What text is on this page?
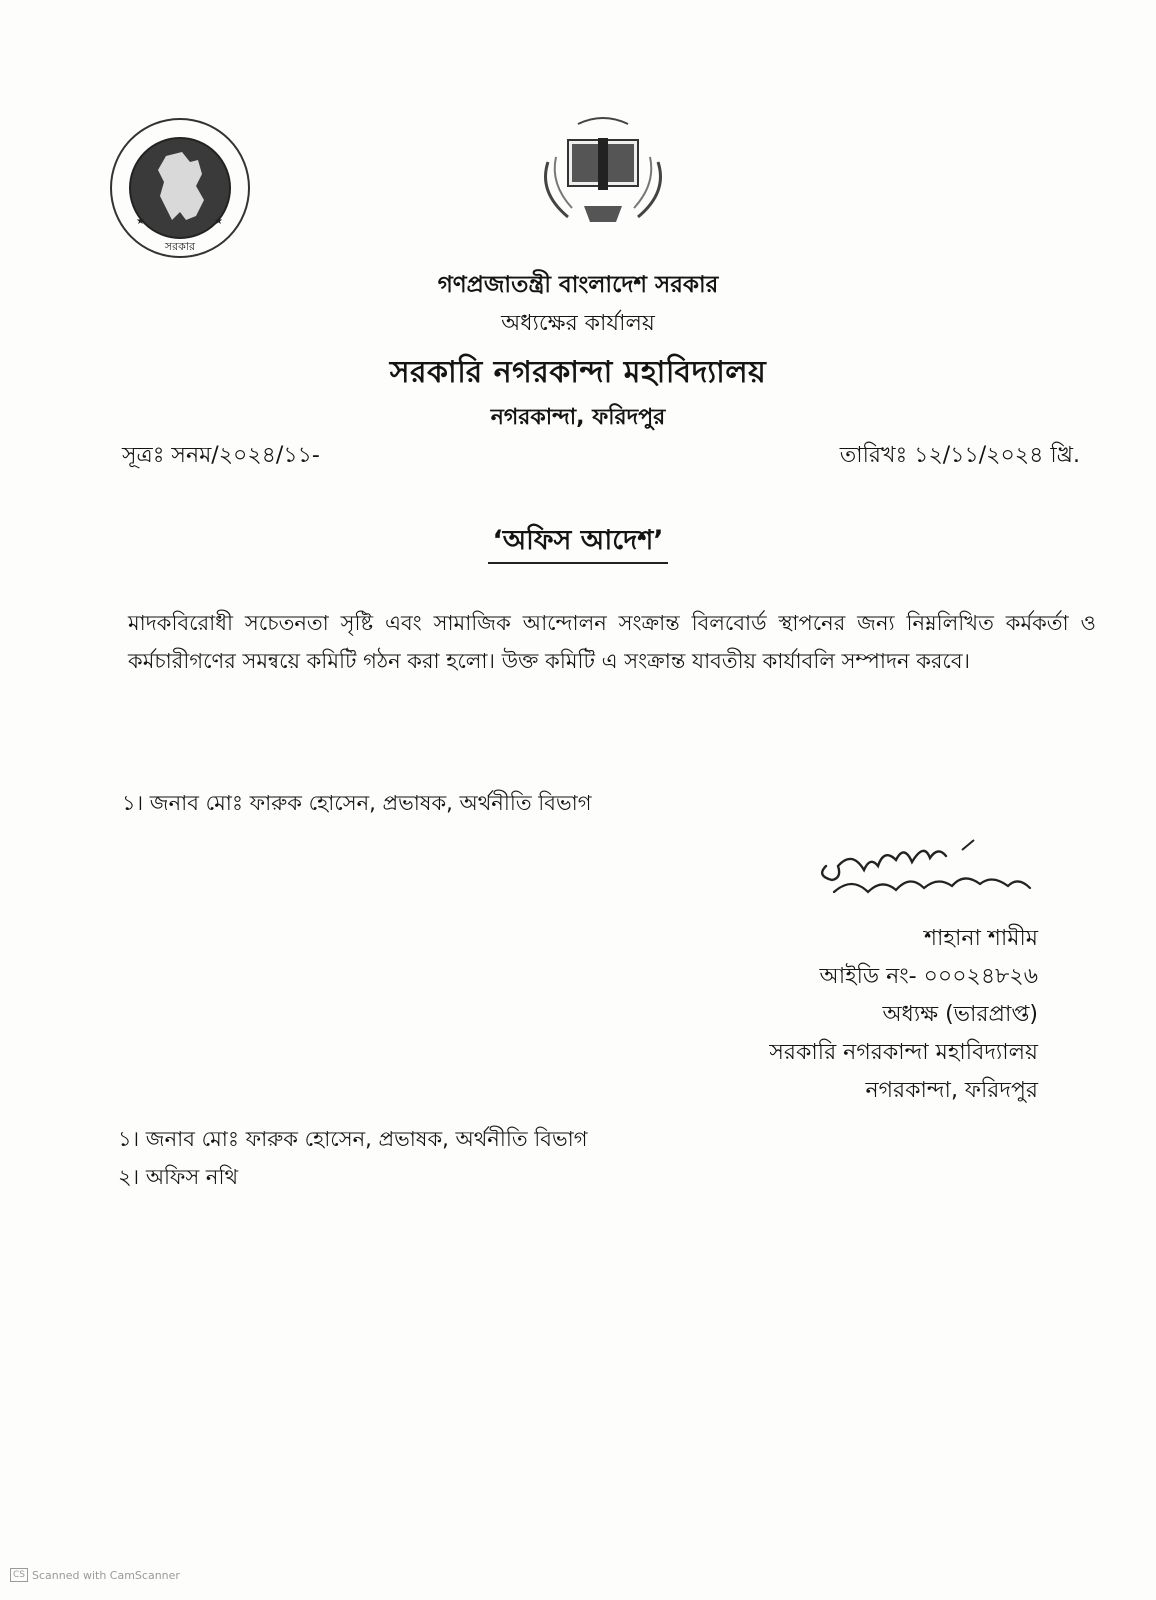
★	★
সরকার
গণপ্রজাতন্ত্রী বাংলাদেশ সরকার
অধ্যক্ষের কার্যালয়
সরকারি নগরকান্দা মহাবিদ্যালয়
নগরকান্দা, ফরিদপুর
সূত্রঃ সনম/২০২৪/১১-	তারিখঃ ১২/১১/২০২৪ খ্রি.
‘অফিস আদেশ’
মাদকবিরোধী সচেতনতা সৃষ্টি এবং সামাজিক আন্দোলন সংক্রান্ত বিলবোর্ড স্থাপনের জন্য নিম্নলিখিত কর্মকর্তা ও কর্মচারীগণের সমন্বয়ে কমিটি গঠন করা হলো। উক্ত কমিটি এ সংক্রান্ত যাবতীয় কার্যাবলি সম্পাদন করবে।
১। জনাব মোঃ ফারুক হোসেন, প্রভাষক, অর্থনীতি বিভাগ
শাহানা শামীম
আইডি নং- ০০০২৪৮২৬
অধ্যক্ষ (ভারপ্রাপ্ত)
সরকারি নগরকান্দা মহাবিদ্যালয়
নগরকান্দা, ফরিদপুর
১। জনাব মোঃ ফারুক হোসেন, প্রভাষক, অর্থনীতি বিভাগ
২। অফিস নথি
CS Scanned with CamScanner
